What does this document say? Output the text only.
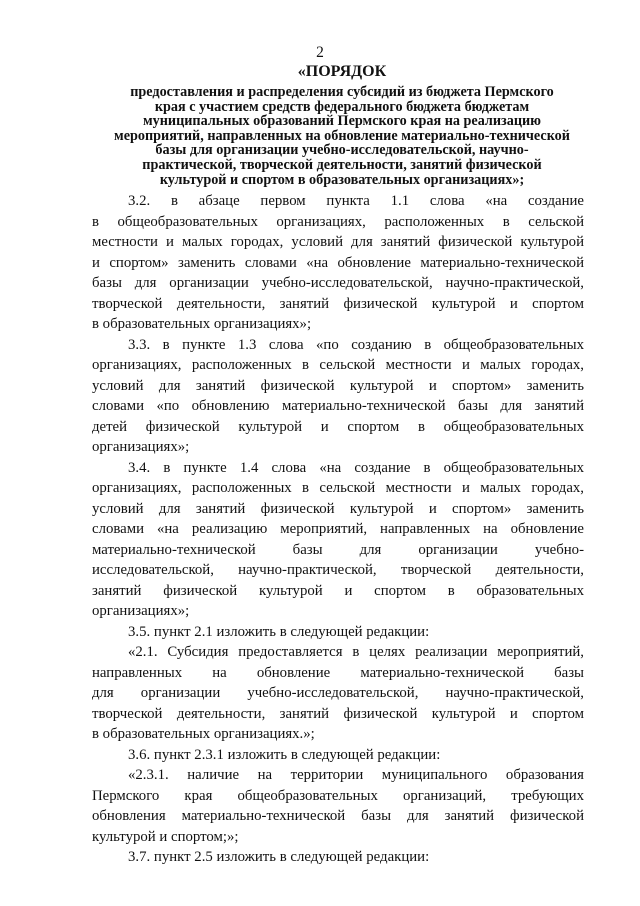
2
«ПОРЯДОК
предоставления и распределения субсидий из бюджета Пермского
края с участием средств федерального бюджета бюджетам
муниципальных образований Пермского края на реализацию
мероприятий, направленных на обновление материально-технической
базы для организации учебно-исследовательской, научно-
практической, творческой деятельности, занятий физической
культурой и спортом в образовательных организациях»;
3.2. в абзаце первом пункта 1.1 слова «на создание
в общеобразовательных организациях, расположенных в сельской
местности и малых городах, условий для занятий физической культурой
и спортом» заменить словами «на обновление материально-технической
базы для организации учебно-исследовательской, научно-практической,
творческой деятельности, занятий физической культурой и спортом
в образовательных организациях»;
3.3. в пункте 1.3 слова «по созданию в общеобразовательных
организациях, расположенных в сельской местности и малых городах,
условий для занятий физической культурой и спортом» заменить
словами «по обновлению материально-технической базы для занятий
детей физической культурой и спортом в общеобразовательных
организациях»;
3.4. в пункте 1.4 слова «на создание в общеобразовательных
организациях, расположенных в сельской местности и малых городах,
условий для занятий физической культурой и спортом» заменить
словами «на реализацию мероприятий, направленных на обновление
материально-технической базы для организации учебно-
исследовательской, научно-практической, творческой деятельности,
занятий физической культурой и спортом в образовательных
организациях»;
3.5. пункт 2.1 изложить в следующей редакции:
«2.1. Субсидия предоставляется в целях реализации мероприятий,
направленных на обновление материально-технической базы
для организации учебно-исследовательской, научно-практической,
творческой деятельности, занятий физической культурой и спортом
в образовательных организациях.»;
3.6. пункт 2.3.1 изложить в следующей редакции:
«2.3.1. наличие на территории муниципального образования
Пермского края общеобразовательных организаций, требующих
обновления материально-технической базы для занятий физической
культурой и спортом;»;
3.7. пункт 2.5 изложить в следующей редакции:
